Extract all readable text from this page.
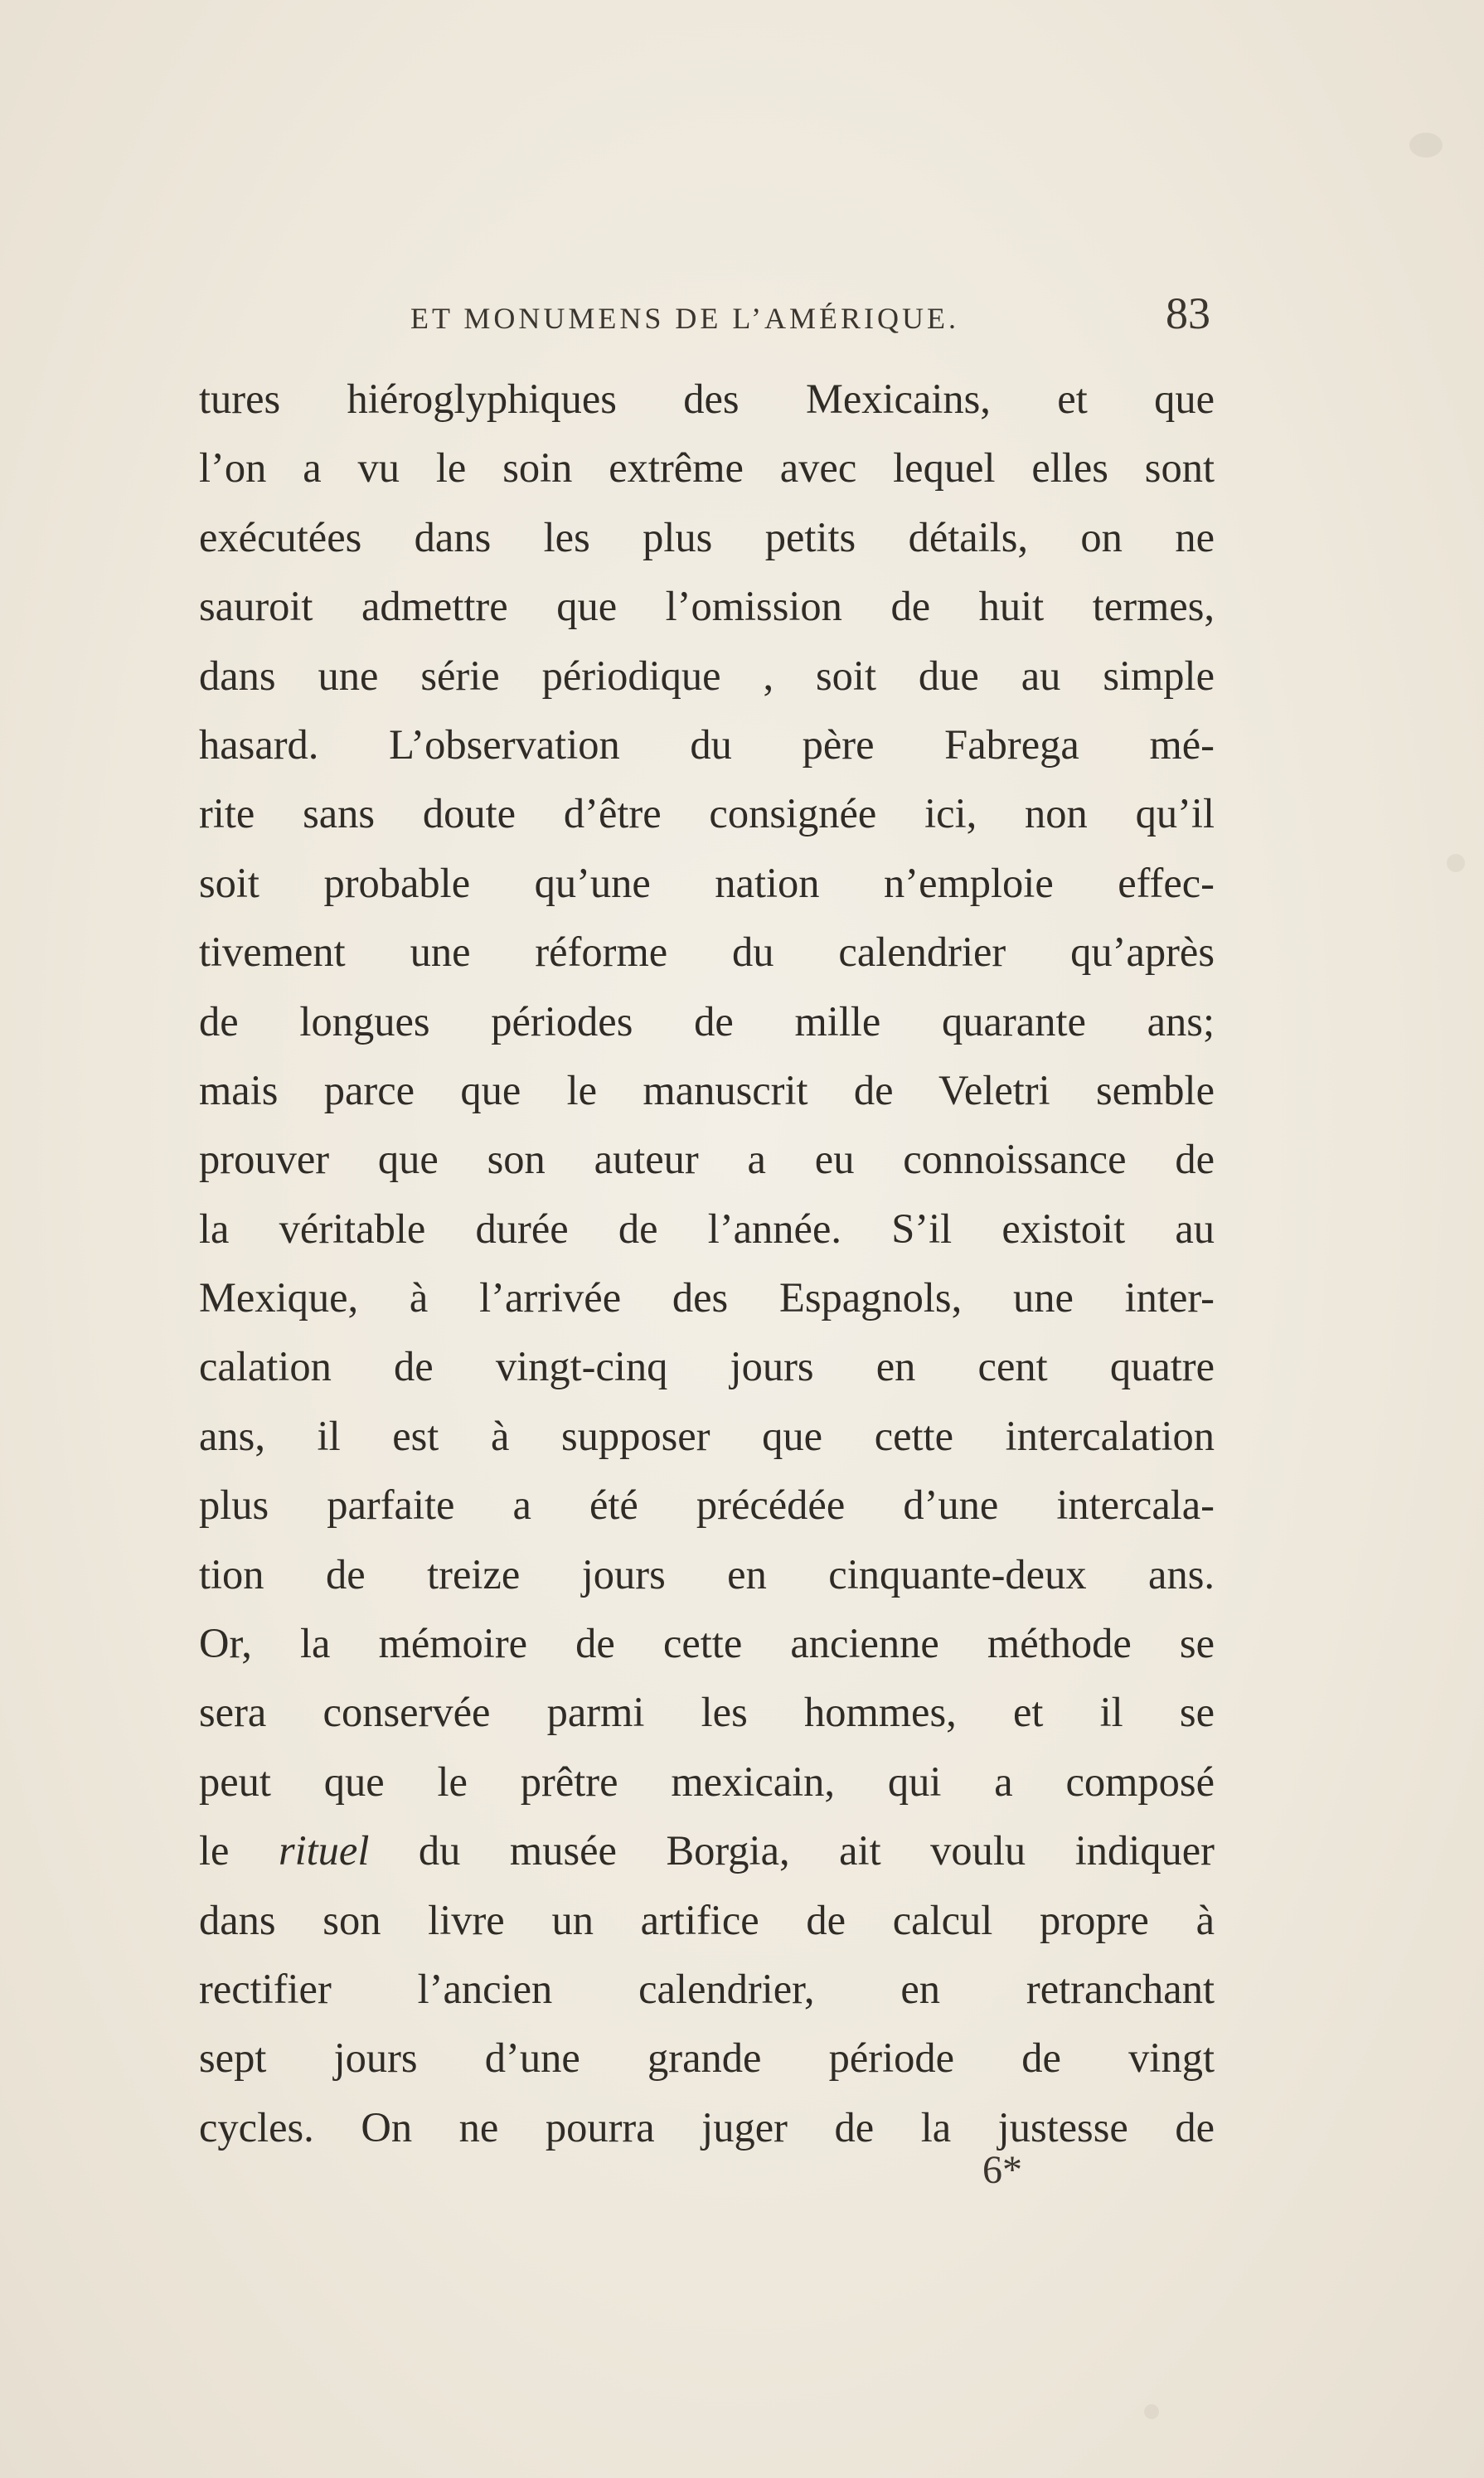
ET MONUMENS DE L’AMÉRIQUE.	83
tures hiéroglyphiques des Mexicains, et que
l’on a vu le soin extrême avec lequel elles sont
exécutées dans les plus petits détails, on ne
sauroit admettre que l’omission de huit termes,
dans une série périodique , soit due au simple
hasard. L’observation du père Fabrega mé-
rite sans doute d’être consignée ici, non qu’il
soit probable qu’une nation n’emploie effec-
tivement une réforme du calendrier qu’après
de longues périodes de mille quarante ans;
mais parce que le manuscrit de Veletri semble
prouver que son auteur a eu connoissance de
la véritable durée de l’année. S’il existoit au
Mexique, à l’arrivée des Espagnols, une inter-
calation de vingt-cinq jours en cent quatre
ans, il est à supposer que cette intercalation
plus parfaite a été précédée d’une intercala-
tion de treize jours en cinquante-deux ans.
Or, la mémoire de cette ancienne méthode se
sera conservée parmi les hommes, et il se
peut que le prêtre mexicain, qui a composé
le rituel du musée Borgia, ait voulu indiquer
dans son livre un artifice de calcul propre à
rectifier l’ancien calendrier, en retranchant
sept jours d’une grande période de vingt
cycles. On ne pourra juger de la justesse de
6*
